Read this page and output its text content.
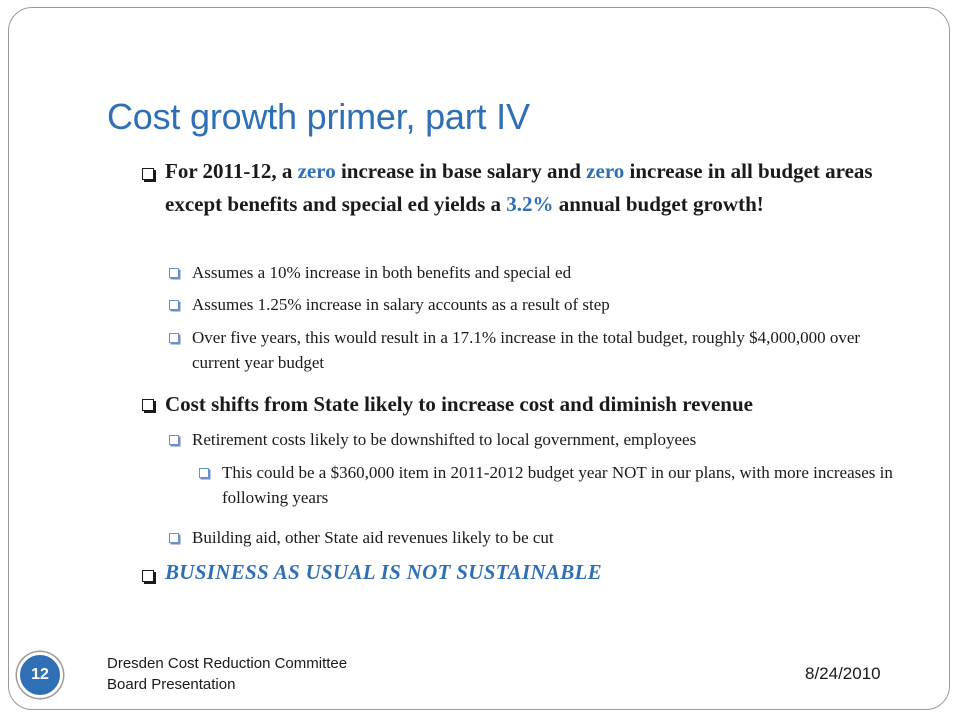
Cost growth primer, part IV
For 2011-12, a zero increase in base salary and zero increase in all budget areas except benefits and special ed yields a 3.2% annual budget growth!
Assumes a 10% increase in both benefits and special ed
Assumes 1.25% increase in salary accounts as a result of step
Over five years, this would result in a 17.1% increase in the total budget, roughly $4,000,000 over current year budget
Cost shifts from State likely to increase cost and diminish revenue
Retirement costs likely to be downshifted to local government, employees
This could be a $360,000 item in 2011-2012 budget year NOT in our plans, with more increases in following years
Building aid, other State aid revenues likely to be cut
BUSINESS AS USUAL IS NOT SUSTAINABLE
12
Dresden Cost Reduction Committee
Board Presentation
8/24/2010
